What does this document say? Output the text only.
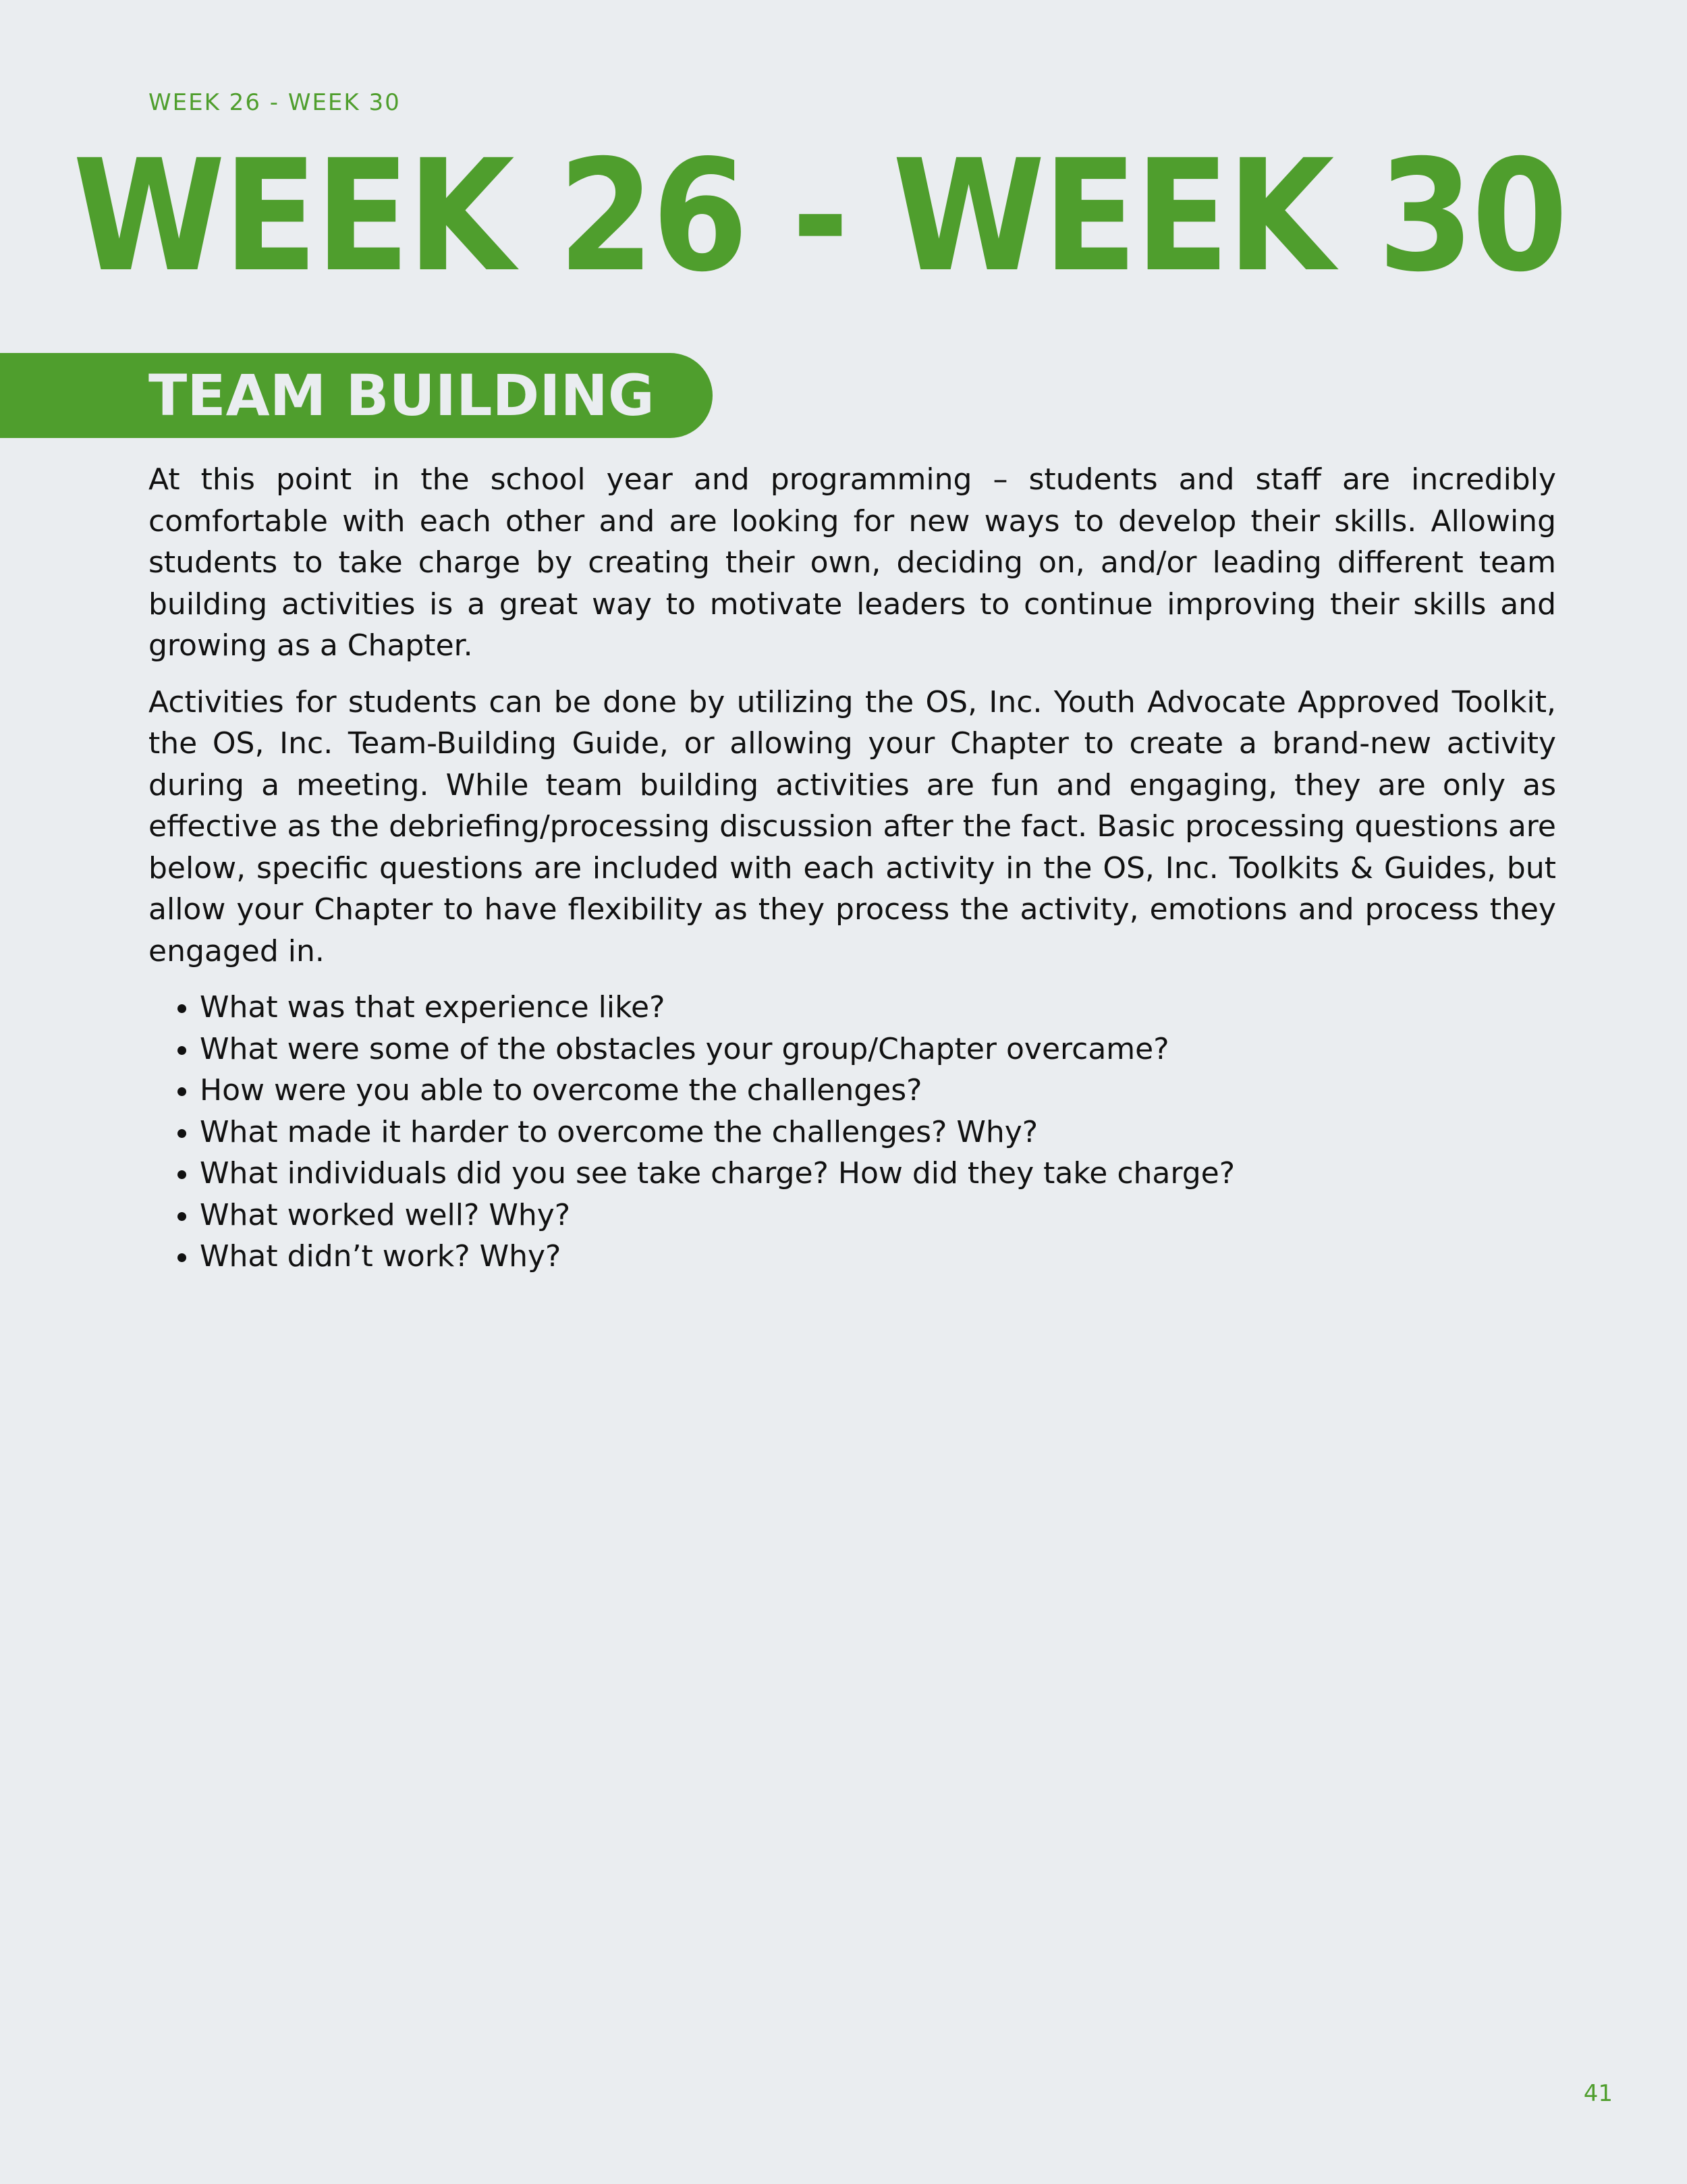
WEEK 26 - WEEK 30
WEEK 26 - WEEK 30
TEAM BUILDING

At this point in the school year and programming – students and staff are incredibly comfortable with each other and are looking for new ways to develop their skills. Allowing students to take charge by creating their own, deciding on, and/or leading different team building activities is a great way to motivate leaders to continue improving their skills and growing as a Chapter.

Activities for students can be done by utilizing the OS, Inc. Youth Advocate Approved Toolkit, the OS, Inc. Team-Building Guide, or allowing your Chapter to create a brand-new activity during a meeting. While team building activities are fun and engaging, they are only as effective as the debriefing/processing discussion after the fact. Basic processing questions are below, specific questions are included with each activity in the OS, Inc. Toolkits & Guides, but allow your Chapter to have flexibility as they process the activity, emotions and process they engaged in.

• What was that experience like?
• What were some of the obstacles your group/Chapter overcame?
• How were you able to overcome the challenges?
• What made it harder to overcome the challenges? Why?
• What individuals did you see take charge? How did they take charge?
• What worked well? Why?
• What didn’t work? Why?
41
